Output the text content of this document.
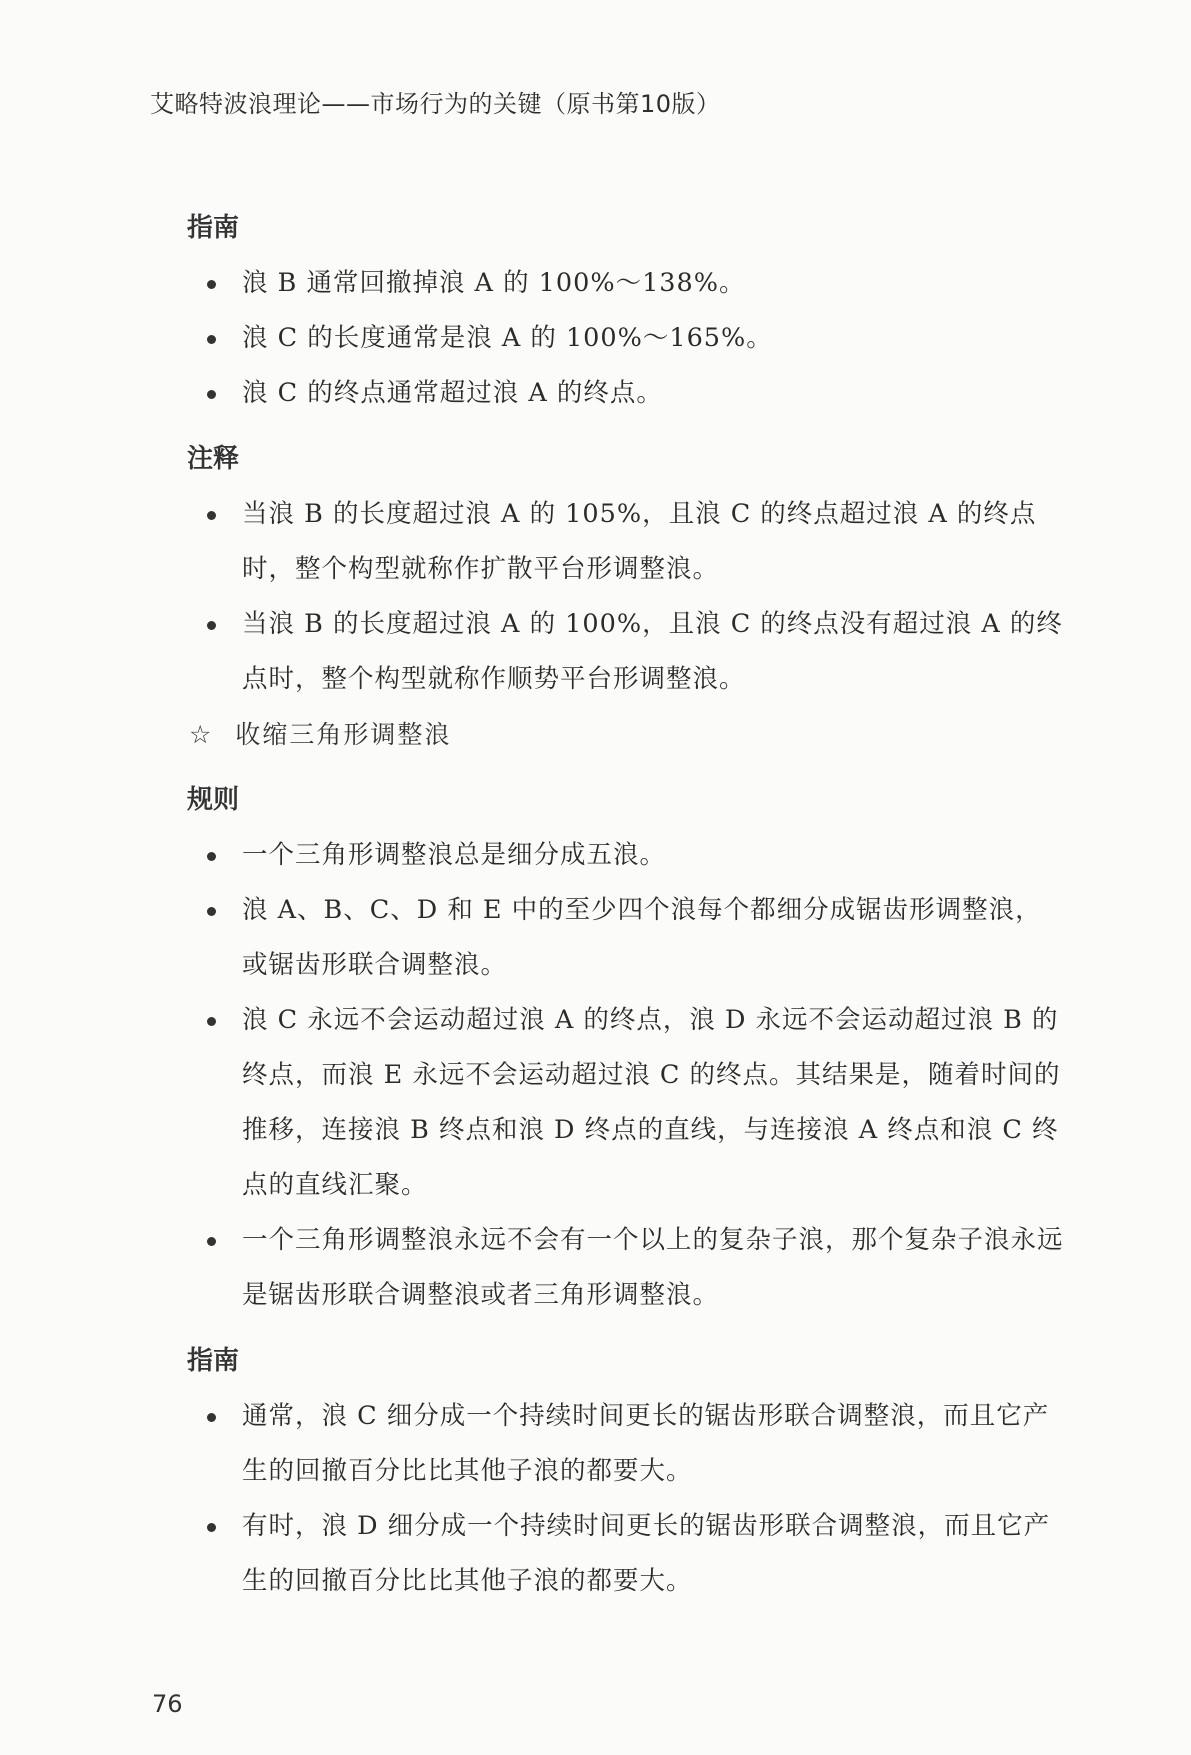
艾略特波浪理论——市场行为的关键（原书第10版）
指南
浪 B 通常回撤掉浪 A 的 100%～138%。
浪 C 的长度通常是浪 A 的 100%～165%。
浪 C 的终点通常超过浪 A 的终点。
注释
当浪 B 的长度超过浪 A 的 105%，且浪 C 的终点超过浪 A 的终点时，整个构型就称作扩散平台形调整浪。
当浪 B 的长度超过浪 A 的 100%，且浪 C 的终点没有超过浪 A 的终点时，整个构型就称作顺势平台形调整浪。
☆ 收缩三角形调整浪
规则
一个三角形调整浪总是细分成五浪。
浪 A、B、C、D 和 E 中的至少四个浪每个都细分成锯齿形调整浪，或锯齿形联合调整浪。
浪 C 永远不会运动超过浪 A 的终点，浪 D 永远不会运动超过浪 B 的终点，而浪 E 永远不会运动超过浪 C 的终点。其结果是，随着时间的推移，连接浪 B 终点和浪 D 终点的直线，与连接浪 A 终点和浪 C 终点的直线汇聚。
一个三角形调整浪永远不会有一个以上的复杂子浪，那个复杂子浪永远是锯齿形联合调整浪或者三角形调整浪。
指南
通常，浪 C 细分成一个持续时间更长的锯齿形联合调整浪，而且它产生的回撤百分比比其他子浪的都要大。
有时，浪 D 细分成一个持续时间更长的锯齿形联合调整浪，而且它产生的回撤百分比比其他子浪的都要大。
76
